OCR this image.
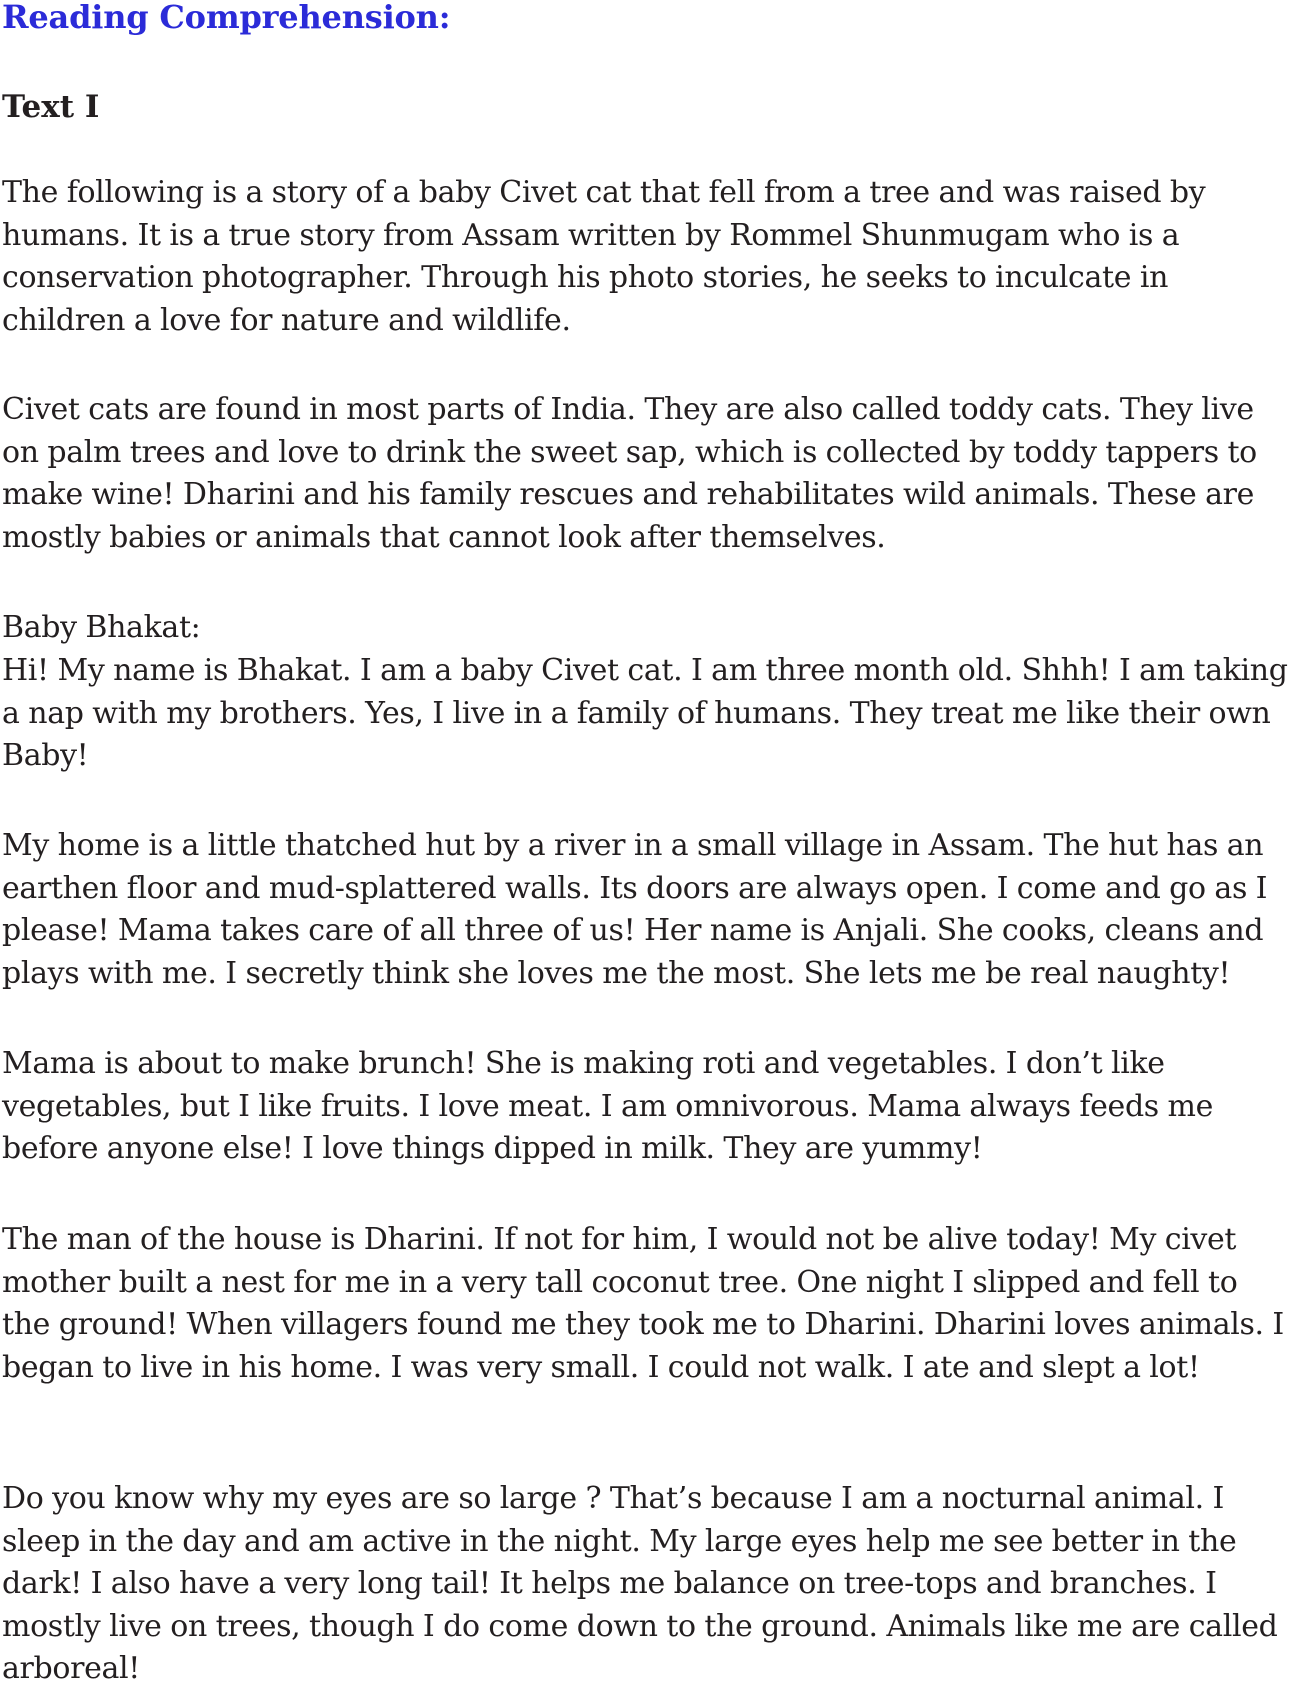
Reading Comprehension:
Text I

The following is a story of a baby Civet cat that fell from a tree and was raised by humans. It is a true story from Assam written by Rommel Shunmugam who is a conservation photographer. Through his photo stories, he seeks to inculcate in children a love for nature and wildlife.

Civet cats are found in most parts of India. They are also called toddy cats. They live on palm trees and love to drink the sweet sap, which is collected by toddy tappers to make wine! Dharini and his family rescues and rehabilitates wild animals. These are mostly babies or animals that cannot look after themselves.

Baby Bhakat:

Hi! My name is Bhakat. I am a baby Civet cat. I am three month old. Shhh! I am taking a nap with my brothers. Yes, I live in a family of humans. They treat me like their own Baby!

My home is a little thatched hut by a river in a small village in Assam. The hut has an earthen floor and mud-splattered walls. Its doors are always open. I come and go as I please! Mama takes care of all three of us! Her name is Anjali. She cooks, cleans and plays with me. I secretly think she loves me the most. She lets me be real naughty!

Mama is about to make brunch! She is making roti and vegetables. I don’t like vegetables, but I like fruits. I love meat. I am omnivorous. Mama always feeds me before anyone else! I love things dipped in milk. They are yummy!

The man of the house is Dharini. If not for him, I would not be alive today! My civet mother built a nest for me in a very tall coconut tree. One night I slipped and fell to the ground! When villagers found me they took me to Dharini. Dharini loves animals. I began to live in his home. I was very small. I could not walk. I ate and slept a lot!

Do you know why my eyes are so large ? That’s because I am a nocturnal animal. I sleep in the day and am active in the night. My large eyes help me see better in the dark! I also have a very long tail! It helps me balance on tree-tops and branches. I mostly live on trees, though I do come down to the ground. Animals like me are called arboreal!
